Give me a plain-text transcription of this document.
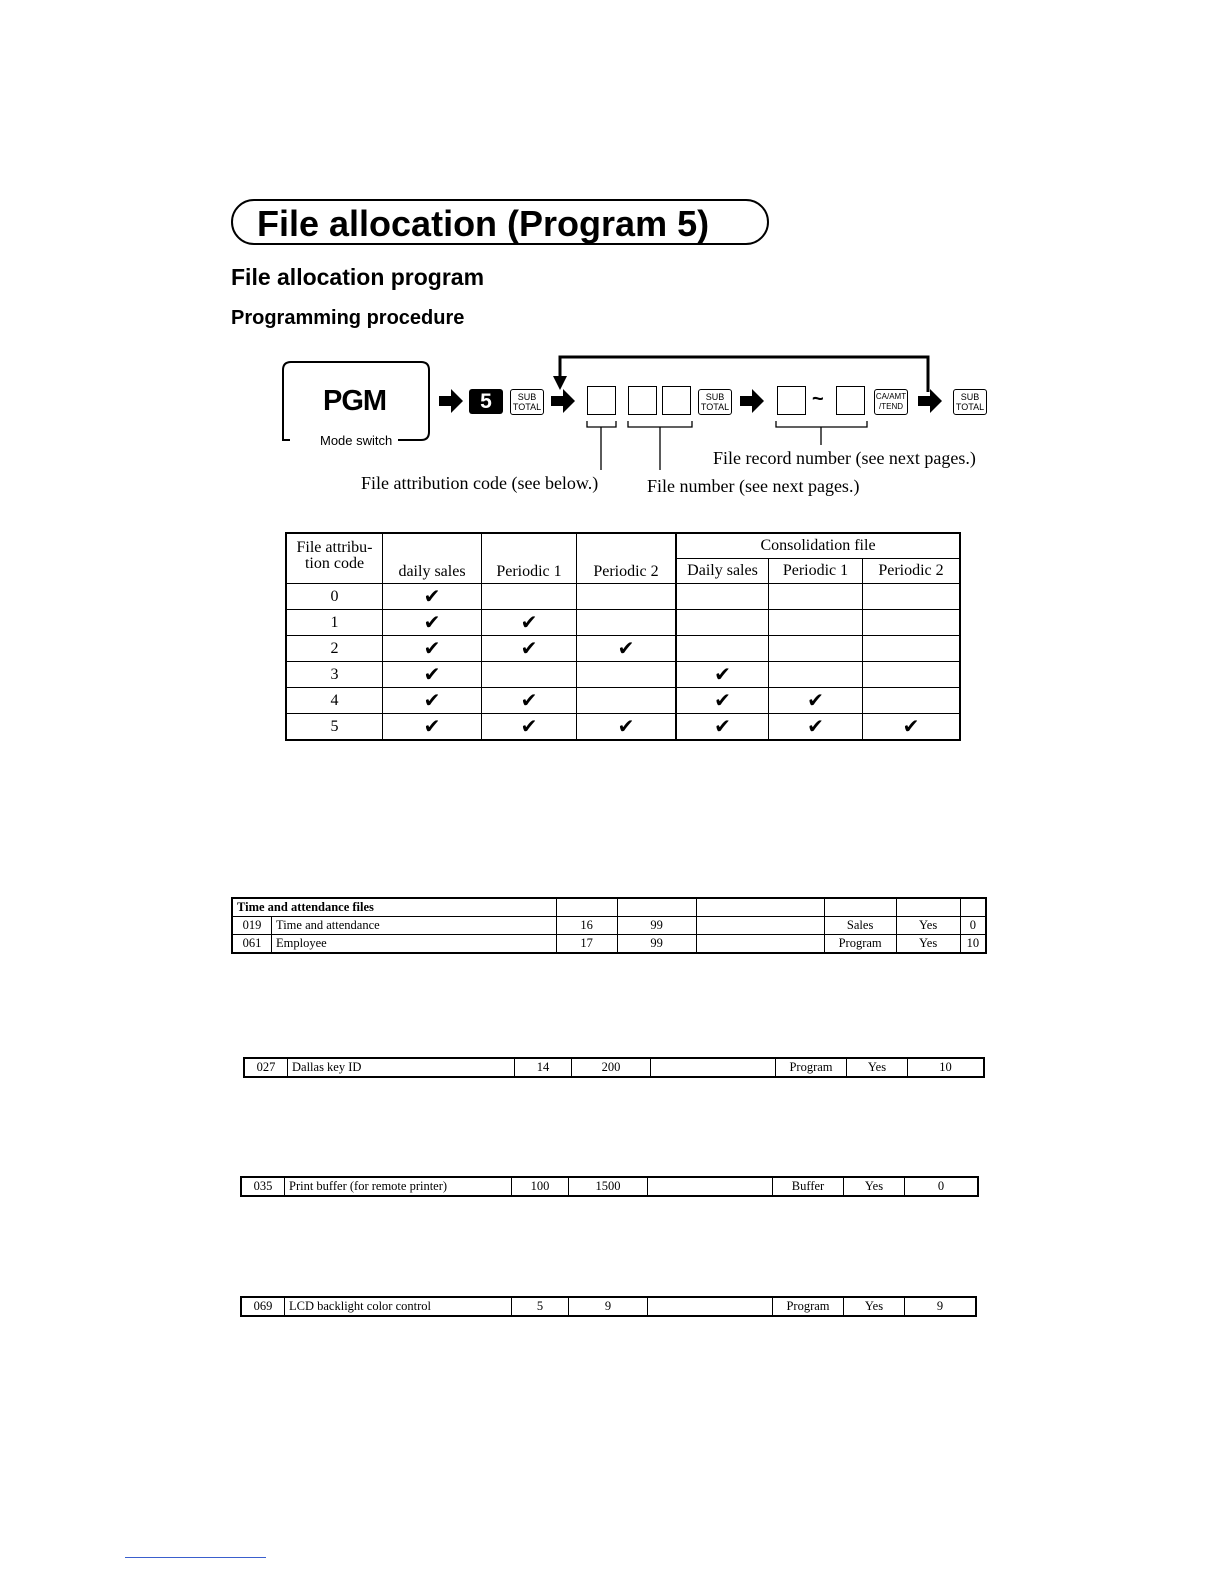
File allocation (Program 5)
File allocation program
Programming procedure
PGM
Mode switch
5	SUB
TOTAL
SUB
TOTAL	~	CA/AMT
/TEND
SUB
TOTAL
File record number (see next pages.)
File attribution code (see below.)	File number (see next pages.)
File attribu-
tion code	daily sales	Periodic 1	Periodic 2	Consolidation file		
				Daily sales	Periodic 1	Periodic 2
0	✔					
1	✔	✔				
2	✔	✔	✔			
3	✔			✔		
4	✔	✔		✔	✔	
5	✔	✔	✔	✔	✔	✔
Time and attendance files							
019	Time and attendance	16	99		Sales	Yes	0
061	Employee	17	99		Program	Yes	10
027	Dallas key ID	14	200		Program	Yes	10
035	Print buffer (for remote printer)	100	1500		Buffer	Yes	0
069	LCD backlight color control	5	9		Program	Yes	9
